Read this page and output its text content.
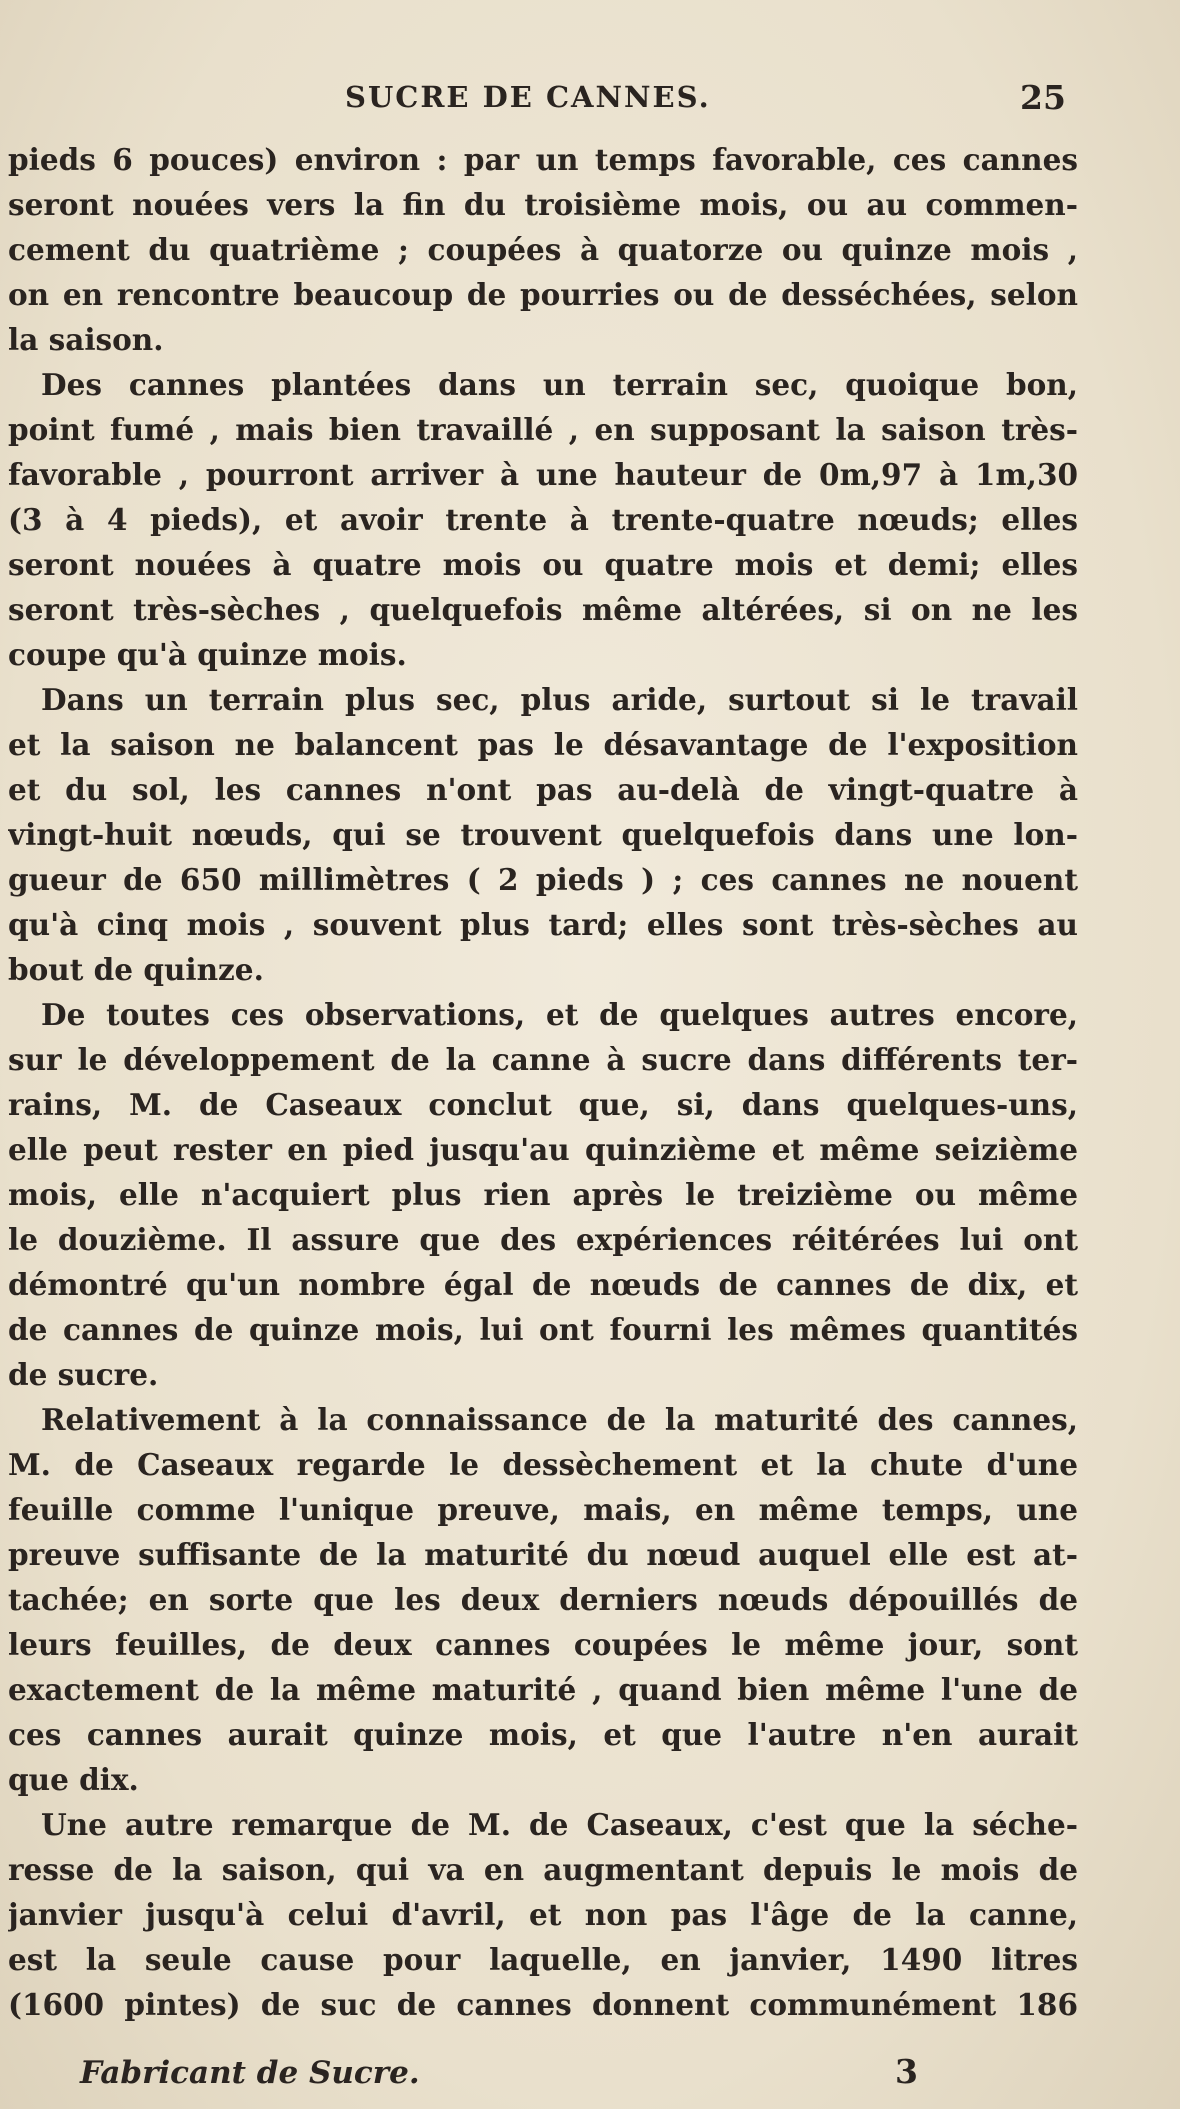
SUCRE DE CANNES.	25
pieds 6 pouces) environ : par un temps favorable, ces cannes
seront nouées vers la fin du troisième mois, ou au commen-
cement du quatrième ; coupées à quatorze ou quinze mois ,
on en rencontre beaucoup de pourries ou de desséchées, selon
la saison.
Des cannes plantées dans un terrain sec, quoique bon,
point fumé , mais bien travaillé , en supposant la saison très-
favorable , pourront arriver à une hauteur de 0m,97 à 1m,30
(3 à 4 pieds), et avoir trente à trente-quatre nœuds; elles
seront nouées à quatre mois ou quatre mois et demi; elles
seront très-sèches , quelquefois même altérées, si on ne les
coupe qu'à quinze mois.
Dans un terrain plus sec, plus aride, surtout si le travail
et la saison ne balancent pas le désavantage de l'exposition
et du sol, les cannes n'ont pas au-delà de vingt-quatre à
vingt-huit nœuds, qui se trouvent quelquefois dans une lon-
gueur de 650 millimètres ( 2 pieds ) ; ces cannes ne nouent
qu'à cinq mois , souvent plus tard; elles sont très-sèches au
bout de quinze.
De toutes ces observations, et de quelques autres encore,
sur le développement de la canne à sucre dans différents ter-
rains, M. de Caseaux conclut que, si, dans quelques-uns,
elle peut rester en pied jusqu'au quinzième et même seizième
mois, elle n'acquiert plus rien après le treizième ou même
le douzième. Il assure que des expériences réitérées lui ont
démontré qu'un nombre égal de nœuds de cannes de dix, et
de cannes de quinze mois, lui ont fourni les mêmes quantités
de sucre.
Relativement à la connaissance de la maturité des cannes,
M. de Caseaux regarde le dessèchement et la chute d'une
feuille comme l'unique preuve, mais, en même temps, une
preuve suffisante de la maturité du nœud auquel elle est at-
tachée; en sorte que les deux derniers nœuds dépouillés de
leurs feuilles, de deux cannes coupées le même jour, sont
exactement de la même maturité , quand bien même l'une de
ces cannes aurait quinze mois, et que l'autre n'en aurait
que dix.
Une autre remarque de M. de Caseaux, c'est que la séche-
resse de la saison, qui va en augmentant depuis le mois de
janvier jusqu'à celui d'avril, et non pas l'âge de la canne,
est la seule cause pour laquelle, en janvier, 1490 litres
(1600 pintes) de suc de cannes donnent communément 186
Fabricant de Sucre.	3
